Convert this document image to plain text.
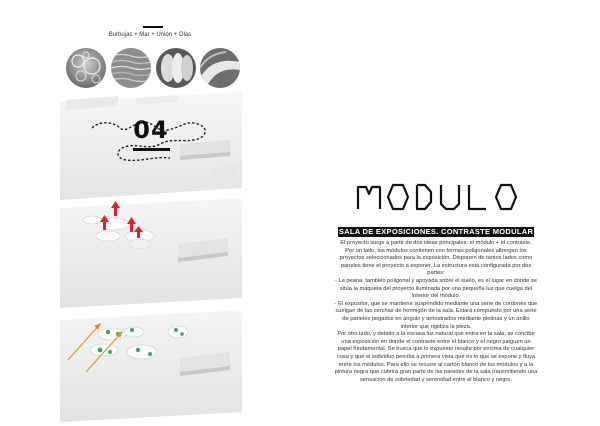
Burbujas + Mar + Unión + Olas
04
SALA DE EXPOSICIONES. CONTRASTE MODULAR

El proyecto surge a partir de dos ideas principales: el módulo + el contraste.

Por un lado, los módulos contienen con formas poligonales albergan los proyectos seleccionados para la exposición. Disponen de tantos lados como paneles tiene el proyecto a exponer. La estructura está configurada por dos partes:

- La peana, también poligonal y apoyada sobre el suelo, es el lugar en donde se sitúa la maqueta del proyecto iluminada por una pequeña luz que cuelga del interior del módulo.

- El expositor, que se mantiene suspendido mediante una serie de cordones que cuelgan de las cerchas de hormigón de la sala. Estará compuesto por una serie de paneles pegados en ángulo y arriostrados mediante pletinas y un anillo interior que rigidiza la pieza.

Por otro lado, y debido a la escasa luz natural que entra en la sala, se concibe una exposición en donde el contraste entre el blanco y el negro jueguen un papel fundamental. Se busca que lo expuesto resalte por encima de cualquier cosa y que el individuo perciba a primera vista qué es lo que se expone y fluya entre los módulos. Para ello se recurre al cartón blanco de los módulos y a la pintura negra que cubrirá gran parte de las paredes de la sala transmitiendo una sensacion de sobriedad y serenidad entre el blanco y negro.
